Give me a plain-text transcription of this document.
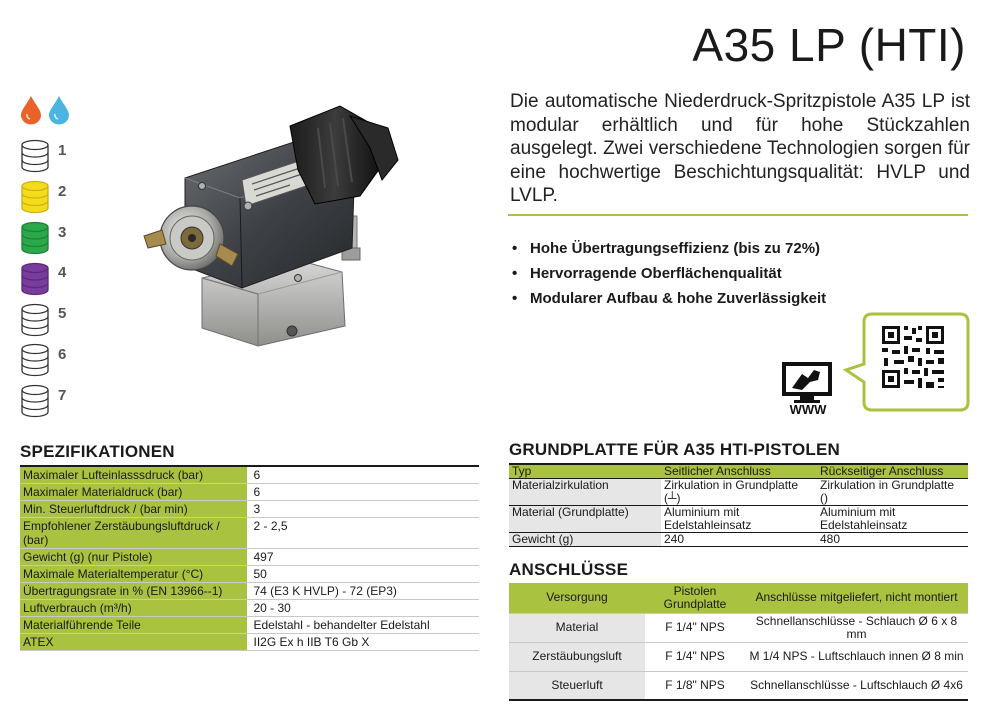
A35 LP (HTI)

Die automatische Niederdruck-Spritzpistole A35 LP ist modular erhältlich und für hohe Stückzahlen ausgelegt. Zwei verschiedene Technologien sorgen für eine hochwertige Beschichtungsqualität: HVLP und LVLP.

• Hohe Übertragungseffizienz (bis zu 72%)
• Hervorragende Oberflächenqualität
• Modularer Aufbau & hohe Zuverlässigkeit
1
2
3
4
5
6
7
WWW
SPEZIFIKATIONEN
Maximaler Lufteinlasssdruck (bar)	6
Maximaler Materialdruck (bar)	6
Min. Steuerluftdruck / (bar min)	3
Empfohlener Zerstäubungsluftdruck / (bar)	2 - 2,5
Gewicht (g) (nur Pistole)	497
Maximale Materialtemperatur (°C)	50
Übertragungsrate in % (EN 13966--1)	74 (E3 K HVLP) - 72 (EP3)
Luftverbrauch (m³/h)	20 - 30
Materialführende Teile	Edelstahl - behandelter Edelstahl
ATEX	II2G Ex h IIB T6 Gb X
GRUNDPLATTE FÜR A35 HTI-PISTOLEN
Typ	Seitlicher Anschluss	Rückseitiger Anschluss
Materialzirkulation	Zirkulation in Grundplatte (┴)	Zirkulation in Grundplatte ()
Material (Grundplatte)	Aluminium mit Edelstahleinsatz	Aluminium mit Edelstahleinsatz
Gewicht (g)	240	480
ANSCHLÜSSE
Versorgung	Pistolen Grundplatte	Anschlüsse mitgeliefert, nicht montiert
Material	F 1/4" NPS	Schnellanschlüsse - Schlauch Ø 6 x 8 mm
Zerstäubungsluft	F 1/4" NPS	M 1/4 NPS - Luftschlauch innen Ø 8 min
Steuerluft	F 1/8" NPS	Schnellanschlüsse - Luftschlauch Ø 4x6
